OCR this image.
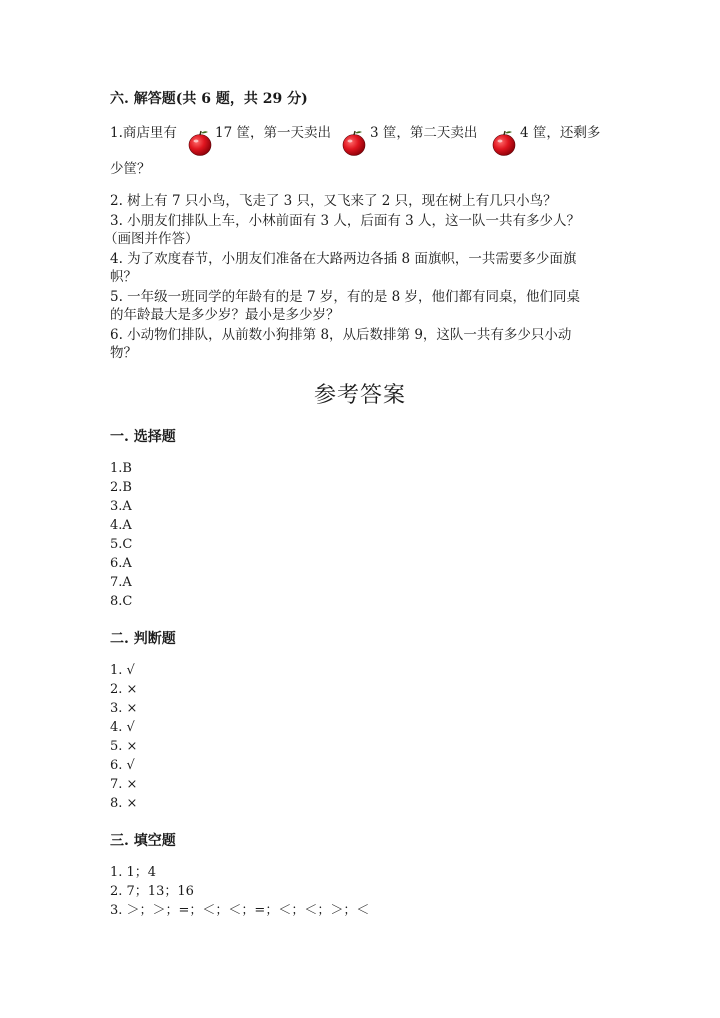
六. 解答题(共 6 题，共 29 分)
1.商店里有	17 筐，第一天卖出	3 筐，第二天卖出	4 筐，还剩多
少筐？
2. 树上有 7 只小鸟，飞走了 3 只，又飞来了 2 只，现在树上有几只小鸟？
3. 小朋友们排队上车，小林前面有 3 人，后面有 3 人，这一队一共有多少人？
（画图并作答）
4. 为了欢度春节，小朋友们准备在大路两边各插 8 面旗帜，一共需要多少面旗
帜？
5. 一年级一班同学的年龄有的是 7 岁，有的是 8 岁，他们都有同桌，他们同桌
的年龄最大是多少岁？最小是多少岁？
6. 小动物们排队，从前数小狗排第 8，从后数排第 9，这队一共有多少只小动
物？
参考答案
一. 选择题
1.B
2.B
3.A
4.A
5.C
6.A
7.A
8.C
二. 判断题
1. √
2. ×
3. ×
4. √
5. ×
6. √
7. ×
8. ×
三. 填空题
1. 1；4
2. 7；13；16
3. ＞；＞；=；＜；＜；=；＜；＜；＞；＜
